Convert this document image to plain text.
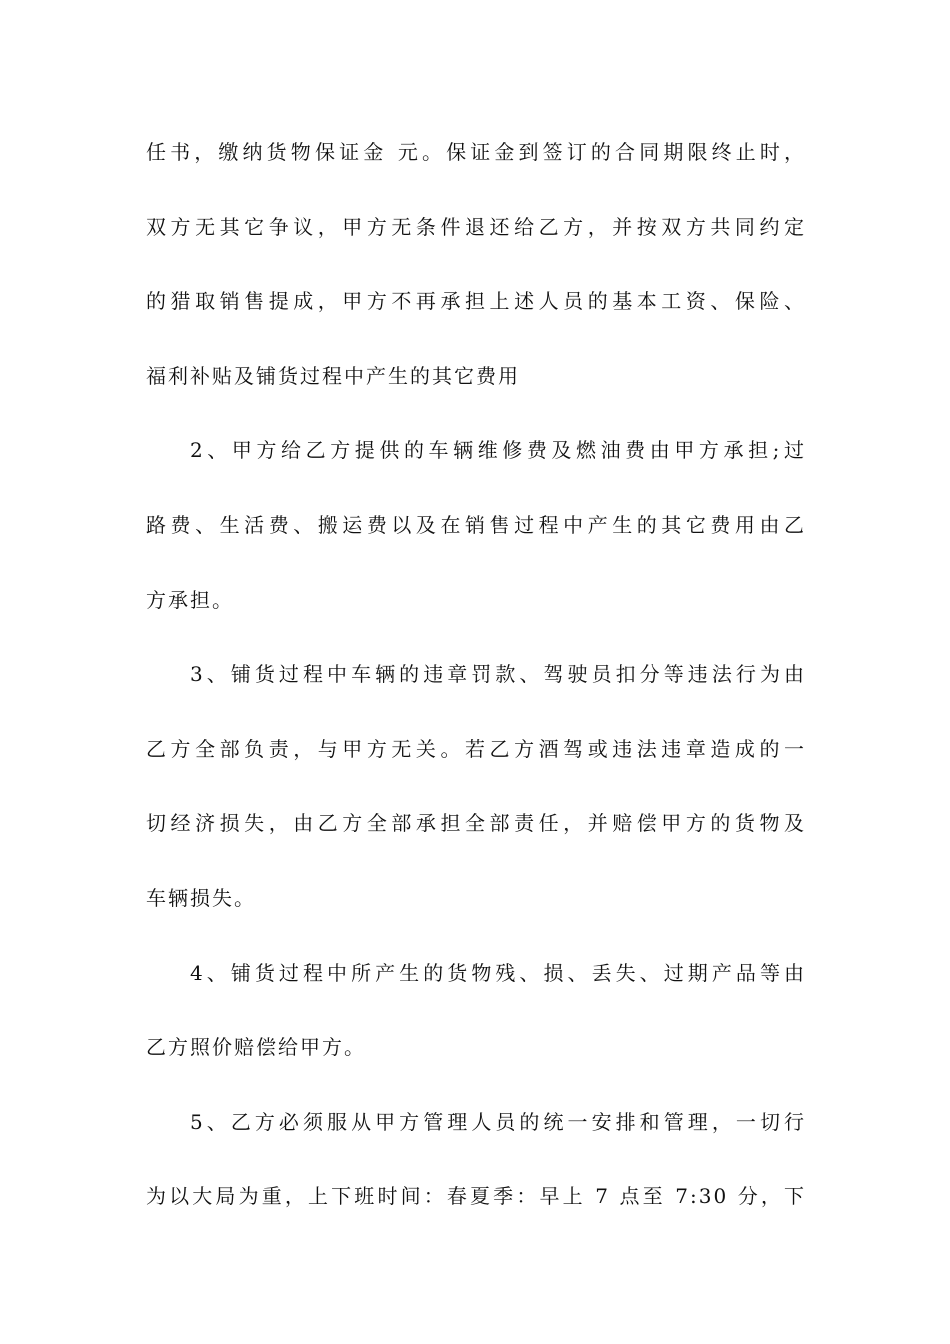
任书，缴纳货物保证金 元。保证金到签订的合同期限终止时，
双方无其它争议，甲方无条件退还给乙方，并按双方共同约定
的猎取销售提成，甲方不再承担上述人员的基本工资、保险、
福利补贴及铺货过程中产生的其它费用
2、甲方给乙方提供的车辆维修费及燃油费由甲方承担;过
路费、生活费、搬运费以及在销售过程中产生的其它费用由乙
方承担。
3、铺货过程中车辆的违章罚款、驾驶员扣分等违法行为由
乙方全部负责，与甲方无关。若乙方酒驾或违法违章造成的一
切经济损失，由乙方全部承担全部责任，并赔偿甲方的货物及
车辆损失。
4、铺货过程中所产生的货物残、损、丢失、过期产品等由
乙方照价赔偿给甲方。
5、乙方必须服从甲方管理人员的统一安排和管理，一切行
为以大局为重，上下班时间：春夏季：早上 7 点至 7:30 分，下
